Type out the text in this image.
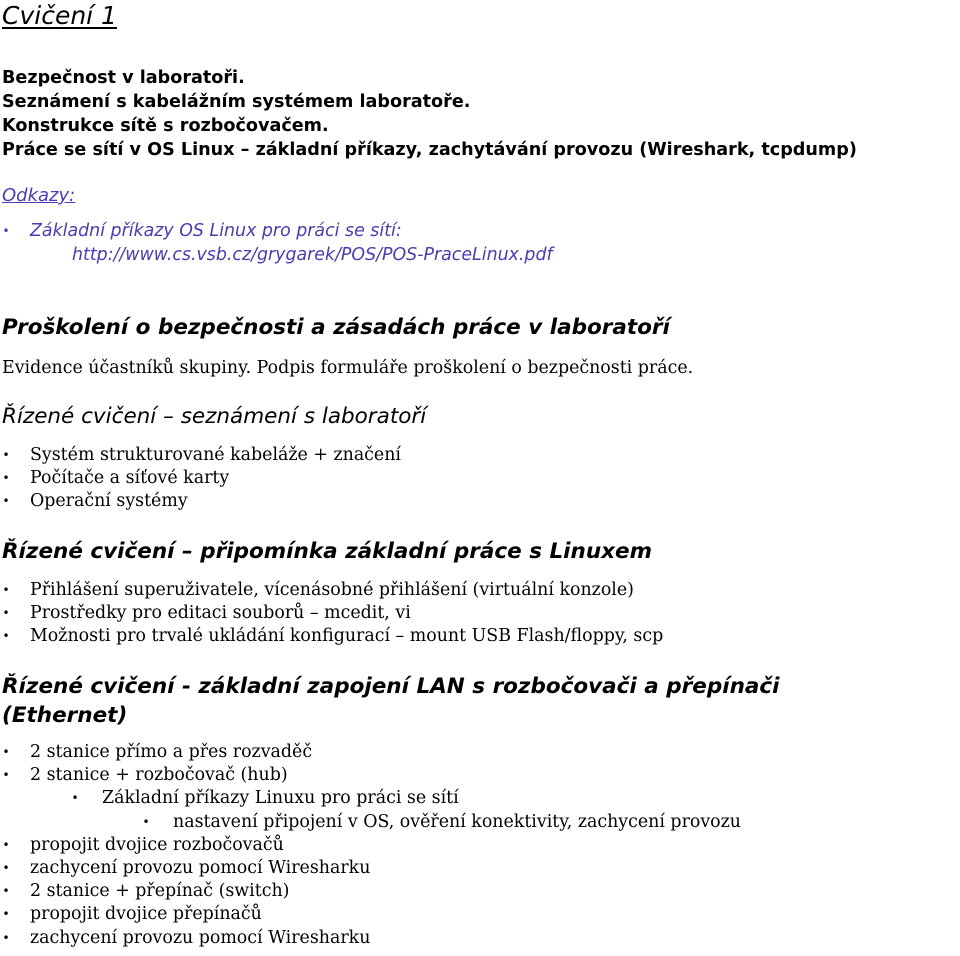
Cvičení 1
Bezpečnost v laboratoři.
Seznámení s kabelážním systémem laboratoře.
Konstrukce sítě s rozbočovačem.
Práce se sítí v OS Linux – základní příkazy, zachytávání provozu (Wireshark, tcpdump)
Odkazy:
• Základní příkazy OS Linux pro práci se sítí:
http://www.cs.vsb.cz/grygarek/POS/POS-PraceLinux.pdf
Proškolení o bezpečnosti a zásadách práce v laboratoří

Evidence účastníků skupiny. Podpis formuláře proškolení o bezpečnosti práce.

Řízené cvičení – seznámení s laboratoří
• Systém strukturované kabeláže + značení
• Počítače a síťové karty
• Operační systémy
Řízené cvičení – připomínka základní práce s Linuxem
• Přihlášení superuživatele, vícenásobné přihlášení (virtuální konzole)
• Prostředky pro editaci souborů – mcedit, vi
• Možnosti pro trvalé ukládání konfigurací – mount USB Flash/floppy, scp
Řízené cvičení - základní zapojení LAN s rozbočovači a přepínači
(Ethernet)
• 2 stanice přímo a přes rozvaděč
• 2 stanice + rozbočovač (hub)
• Základní příkazy Linuxu pro práci se sítí
• nastavení připojení v OS, ověření konektivity, zachycení provozu
• propojit dvojice rozbočovačů
• zachycení provozu pomocí Wiresharku
• 2 stanice + přepínač (switch)
• propojit dvojice přepínačů
• zachycení provozu pomocí Wiresharku
